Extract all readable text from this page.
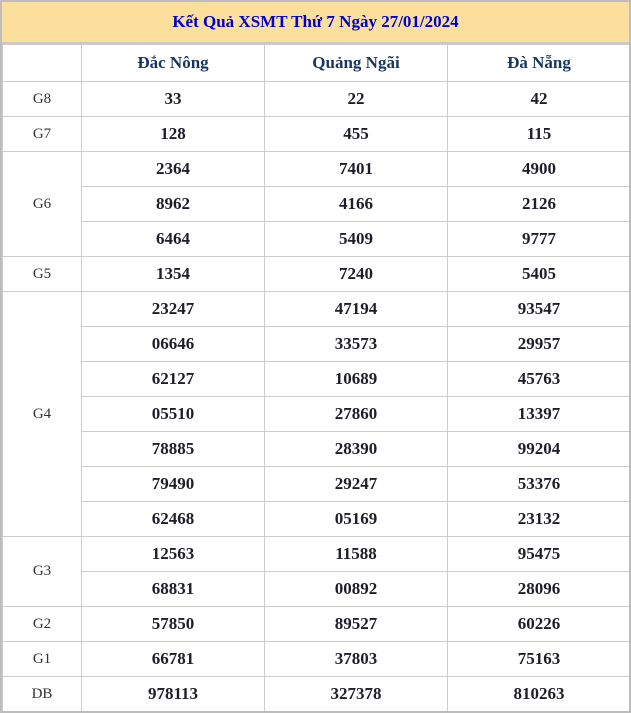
Kết Quả XSMT Thứ 7 Ngày 27/01/2024
	Đắc Nông	Quảng Ngãi	Đà Nẵng
G8	33	22	42
G7	128	455	115
G6	2364	7401	4900
	8962	4166	2126
	6464	5409	9777
G5	1354	7240	5405
G4	23247	47194	93547
	06646	33573	29957
	62127	10689	45763
	05510	27860	13397
	78885	28390	99204
	79490	29247	53376
	62468	05169	23132
G3	12563	11588	95475
	68831	00892	28096
G2	57850	89527	60226
G1	66781	37803	75163
DB	978113	327378	810263
